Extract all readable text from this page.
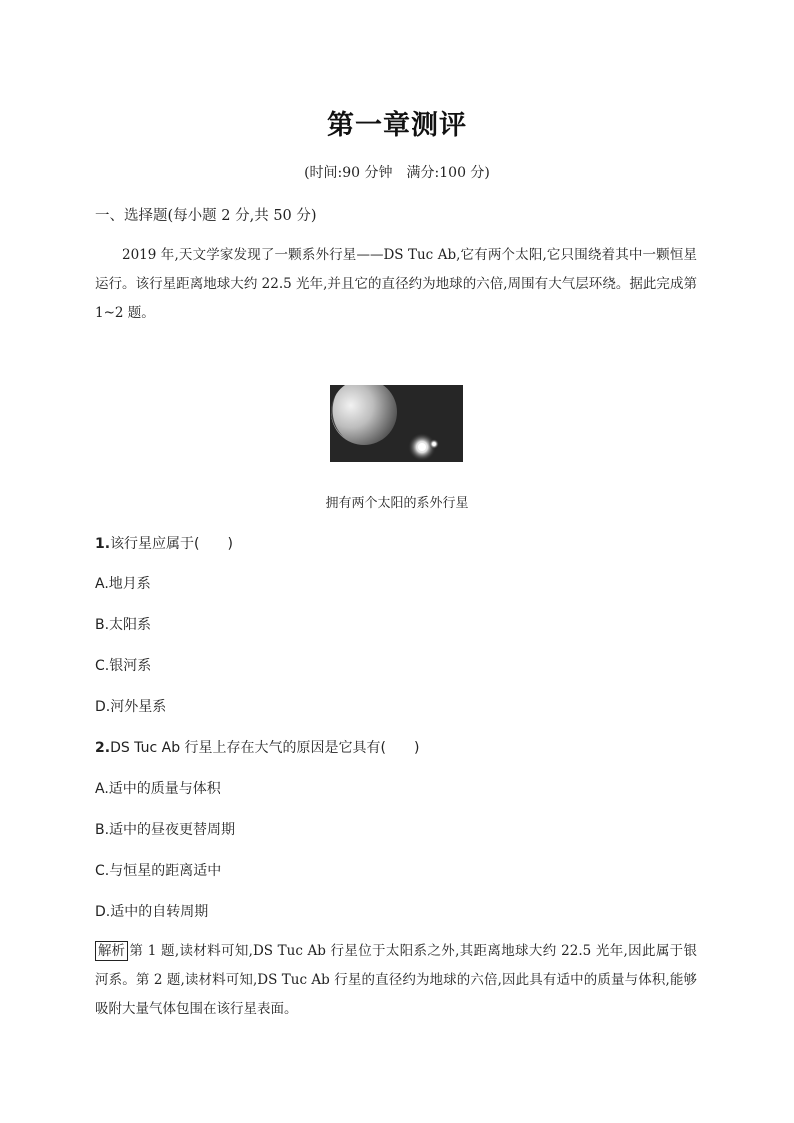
第一章测评
(时间:90 分钟　满分:100 分)
一、选择题(每小题 2 分,共 50 分)
2019 年,天文学家发现了一颗系外行星——DS Tuc Ab,它有两个太阳,它只围绕着其中一颗恒星运行。该行星距离地球大约 22.5 光年,并且它的直径约为地球的六倍,周围有大气层环绕。据此完成第 1~2 题。
拥有两个太阳的系外行星
1.该行星应属于(　　)
A.地月系
B.太阳系
C.银河系
D.河外星系
2.DS Tuc Ab 行星上存在大气的原因是它具有(　　)
A.适中的质量与体积
B.适中的昼夜更替周期
C.与恒星的距离适中
D.适中的自转周期
解析 第 1 题,读材料可知,DS Tuc Ab 行星位于太阳系之外,其距离地球大约 22.5 光年,因此属于银河系。第 2 题,读材料可知,DS Tuc Ab 行星的直径约为地球的六倍,因此具有适中的质量与体积,能够吸附大量气体包围在该行星表面。
